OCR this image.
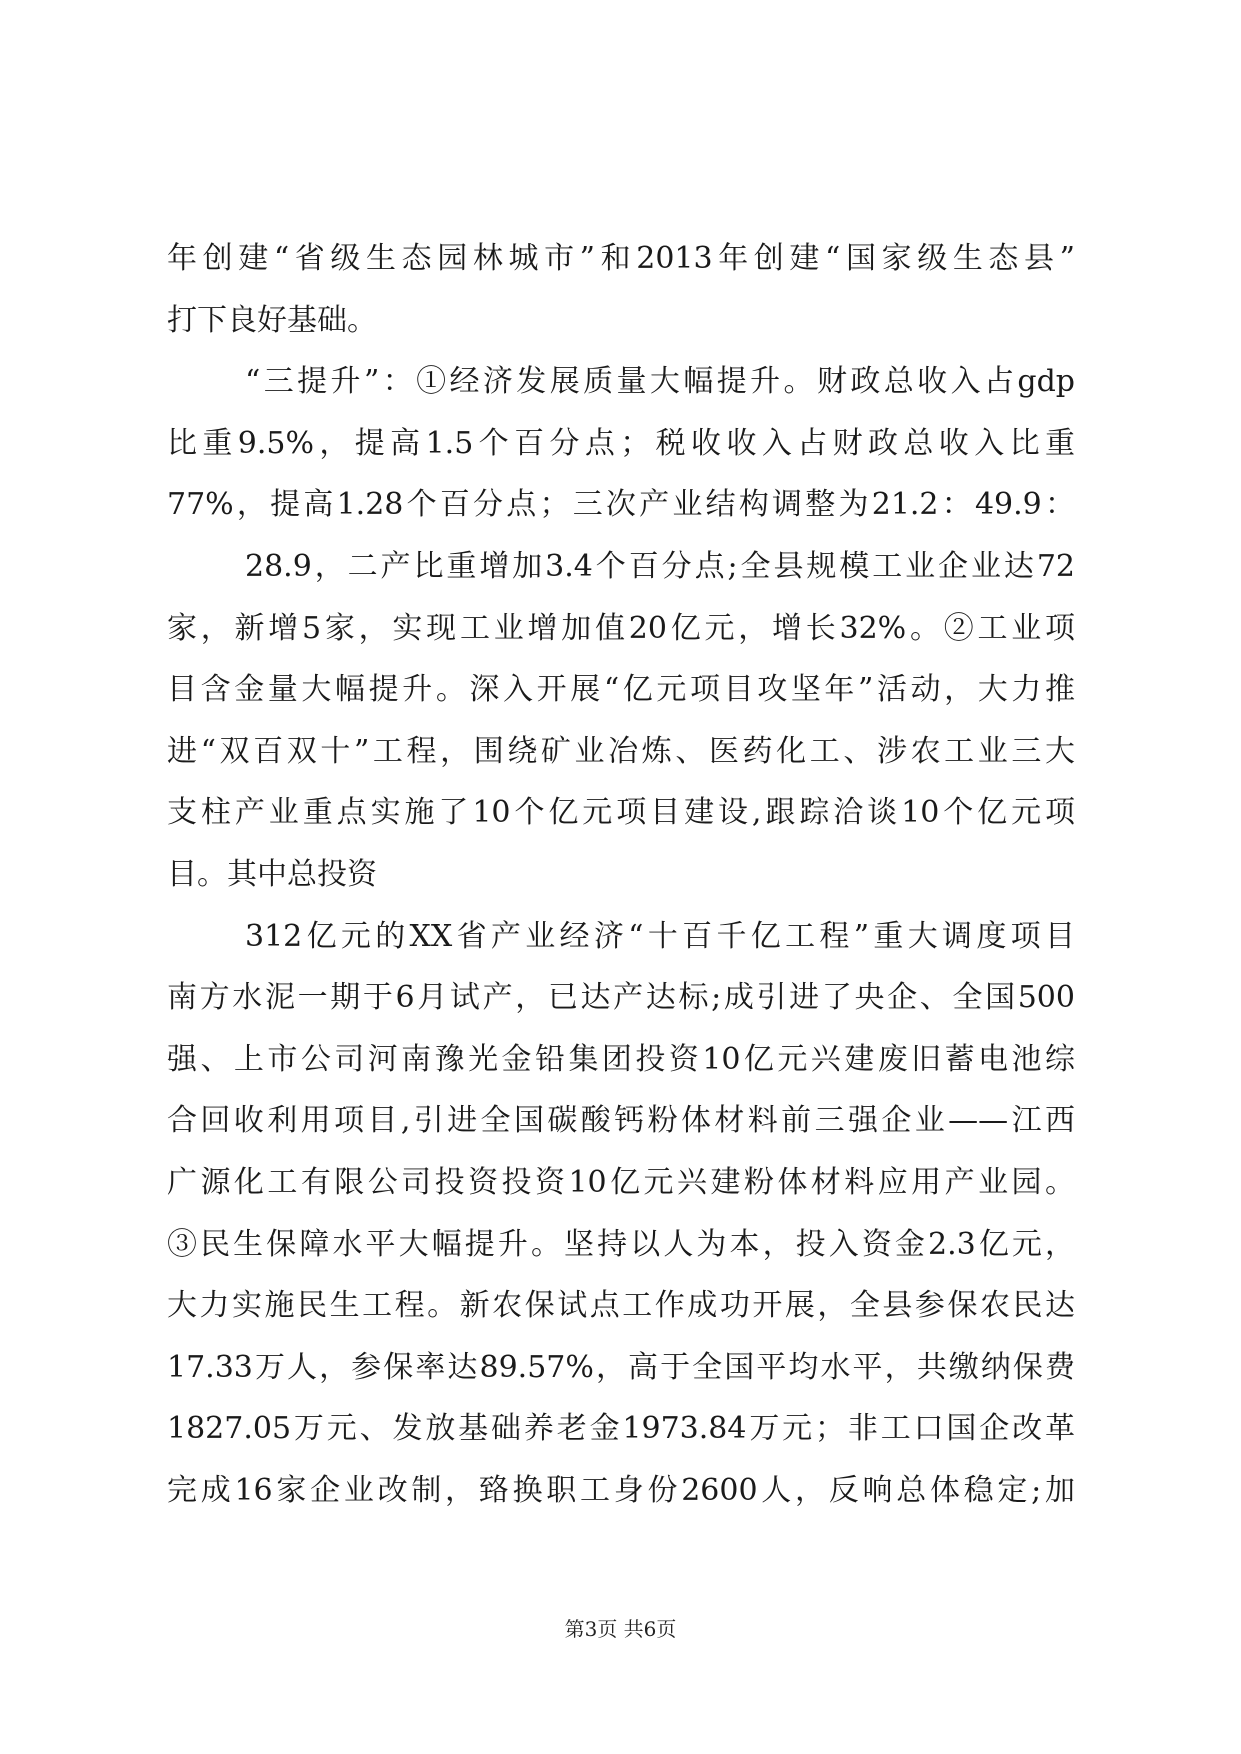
年创建“省级生态园林城市”和2013年创建“国家级生态县”
打下良好基础。
“三提升”：①经济发展质量大幅提升。财政总收入占gdp
比重9.5%，提高1.5个百分点；税收收入占财政总收入比重
77%，提高1.28个百分点；三次产业结构调整为21.2：49.9：
28.9，二产比重增加3.4个百分点;全县规模工业企业达72
家，新增5家，实现工业增加值20亿元，增长32%。②工业项
目含金量大幅提升。深入开展“亿元项目攻坚年”活动，大力推
进“双百双十”工程，围绕矿业冶炼、医药化工、涉农工业三大
支柱产业重点实施了10个亿元项目建设,跟踪洽谈10个亿元项
目。其中总投资
312亿元的XX省产业经济“十百千亿工程”重大调度项目
南方水泥一期于6月试产，已达产达标;成引进了央企、全国500
强、上市公司河南豫光金铅集团投资10亿元兴建废旧蓄电池综
合回收利用项目,引进全国碳酸钙粉体材料前三强企业——江西
广源化工有限公司投资投资10亿元兴建粉体材料应用产业园。
③民生保障水平大幅提升。坚持以人为本，投入资金2.3亿元，
大力实施民生工程。新农保试点工作成功开展，全县参保农民达
17.33万人，参保率达89.57%，高于全国平均水平，共缴纳保费
1827.05万元、发放基础养老金1973.84万元；非工口国企改革
完成16家企业改制，臵换职工身份2600人，反响总体稳定;加
第3页 共6页
